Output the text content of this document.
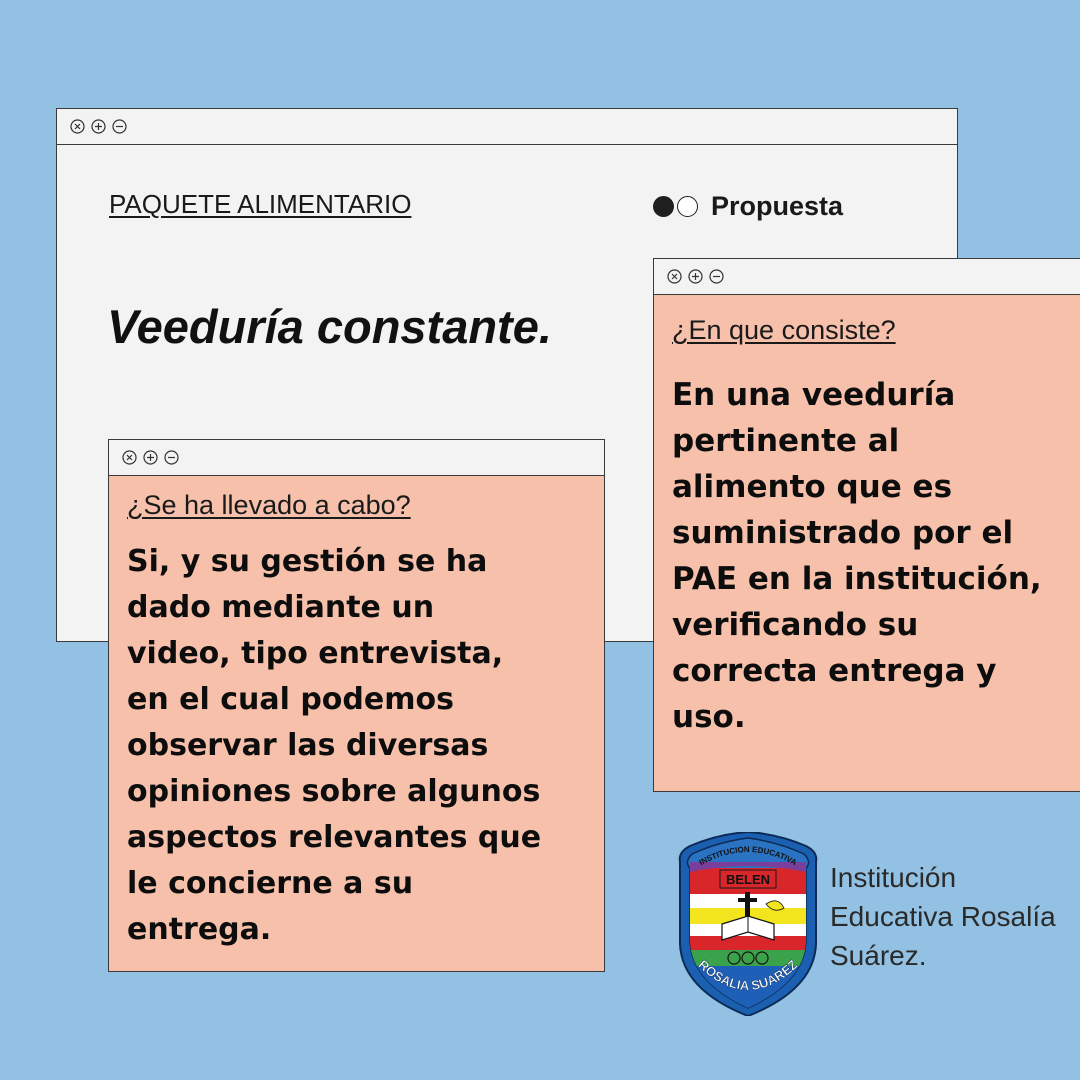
PAQUETE ALIMENTARIO	Propuesta
Veeduría constante.	¿En que consiste?
En una veeduría pertinente al alimento que es suministrado por el PAE en la institución, verificando su correcta entrega y uso.
¿Se ha llevado a cabo?
Si, y su gestión se ha dado mediante un video, tipo entrevista, en el cual podemos observar las diversas opiniones sobre algunos aspectos relevantes que le concierne a su entrega.
BELEN
INSTITUCION EDUCATIVA
ROSALIA SUAREZ
Institución Educativa Rosalía Suárez.
